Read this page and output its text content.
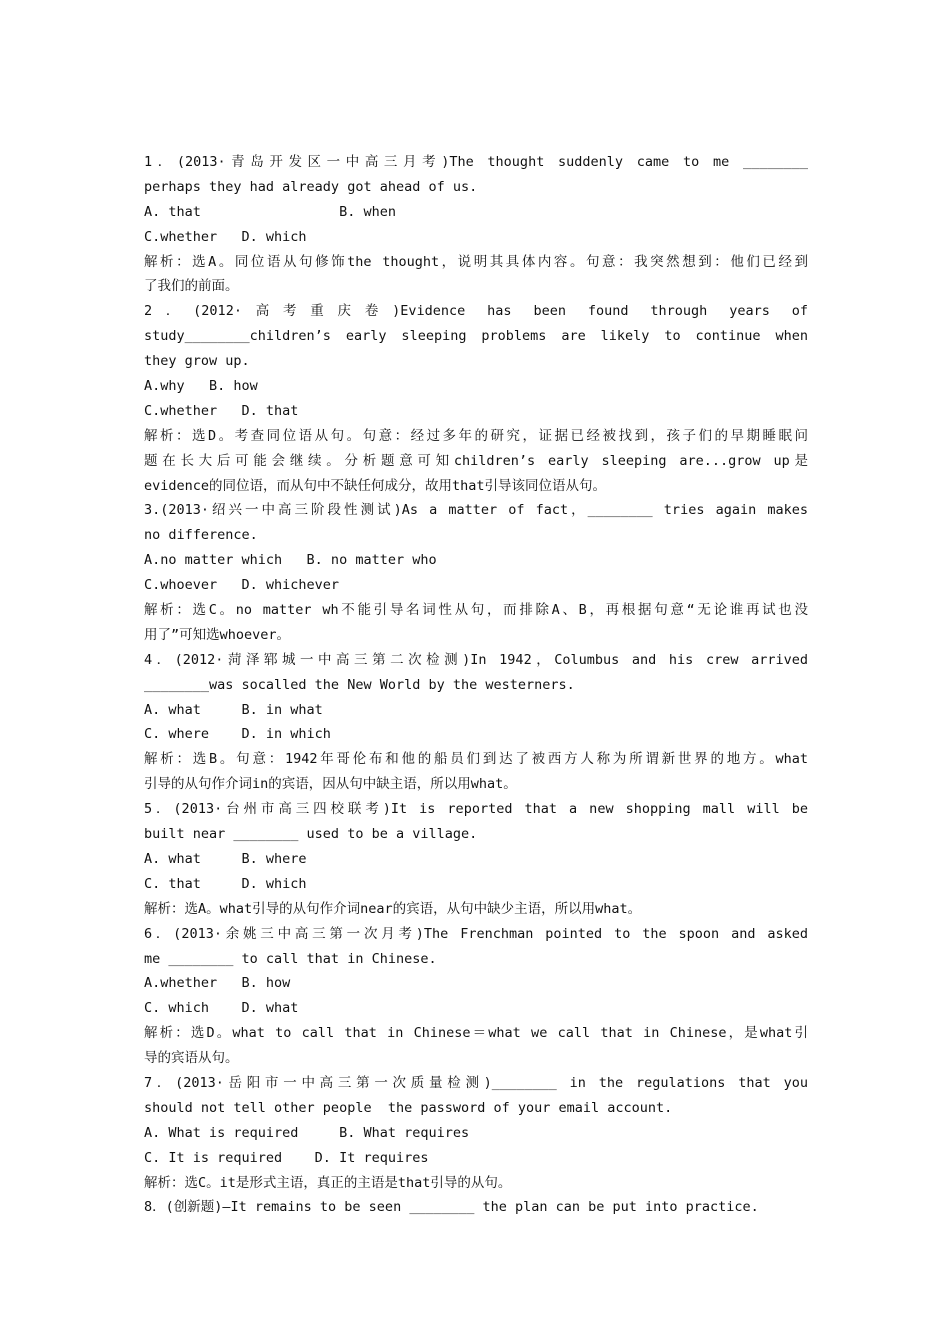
1．(2013·青岛开发区一中高三月考)The thought suddenly came to me ________
perhaps they had already got ahead of us.
A. that                 B. when
C.whether   D. which
解析：选A。同位语从句修饰the thought，说明其具体内容。句意：我突然想到：他们已经到
了我们的前面。
2．(2012·高考重庆卷)Evidence has been found through years of
study________children’s early sleeping problems are likely to continue when
they grow up.
A.why   B. how
C.whether   D. that
解析：选D。考查同位语从句。句意：经过多年的研究，证据已经被找到，孩子们的早期睡眠问
题在长大后可能会继续。分析题意可知children’s early sleeping are...grow up是
evidence的同位语，而从句中不缺任何成分，故用that引导该同位语从句。
3.(2013·绍兴一中高三阶段性测试)As a matter of fact，________ tries again makes
no difference.
A.no matter which   B. no matter who
C.whoever   D. whichever
解析：选C。no matter wh不能引导名词性从句，而排除A、B，再根据句意“无论谁再试也没
用了”可知选whoever。
4．(2012·菏泽郓城一中高三第二次检测)In 1942，Columbus and his crew arrived
________was socalled the New World by the westerners.
A. what     B. in what
C. where    D. in which
解析：选B。句意：1942年哥伦布和他的船员们到达了被西方人称为所谓新世界的地方。what
引导的从句作介词in的宾语，因从句中缺主语，所以用what。
5．(2013·台州市高三四校联考)It is reported that a new shopping mall will be
built near ________ used to be a village.
A. what     B. where
C. that     D. which
解析：选A。what引导的从句作介词near的宾语，从句中缺少主语，所以用what。
6．(2013·余姚三中高三第一次月考)The Frenchman pointed to the spoon and asked
me ________ to call that in Chinese.
A.whether   B. how
C. which    D. what
解析：选D。what to call that in Chinese＝what we call that in Chinese，是what引
导的宾语从句。
7．(2013·岳阳市一中高三第一次质量检测)________ in the regulations that you
should not tell other people  the password of your email account.
A. What is required     B. What requires
C. It is required    D. It requires
解析：选C。it是形式主语，真正的主语是that引导的从句。
8．(创新题)—It remains to be seen ________ the plan can be put into practice.
